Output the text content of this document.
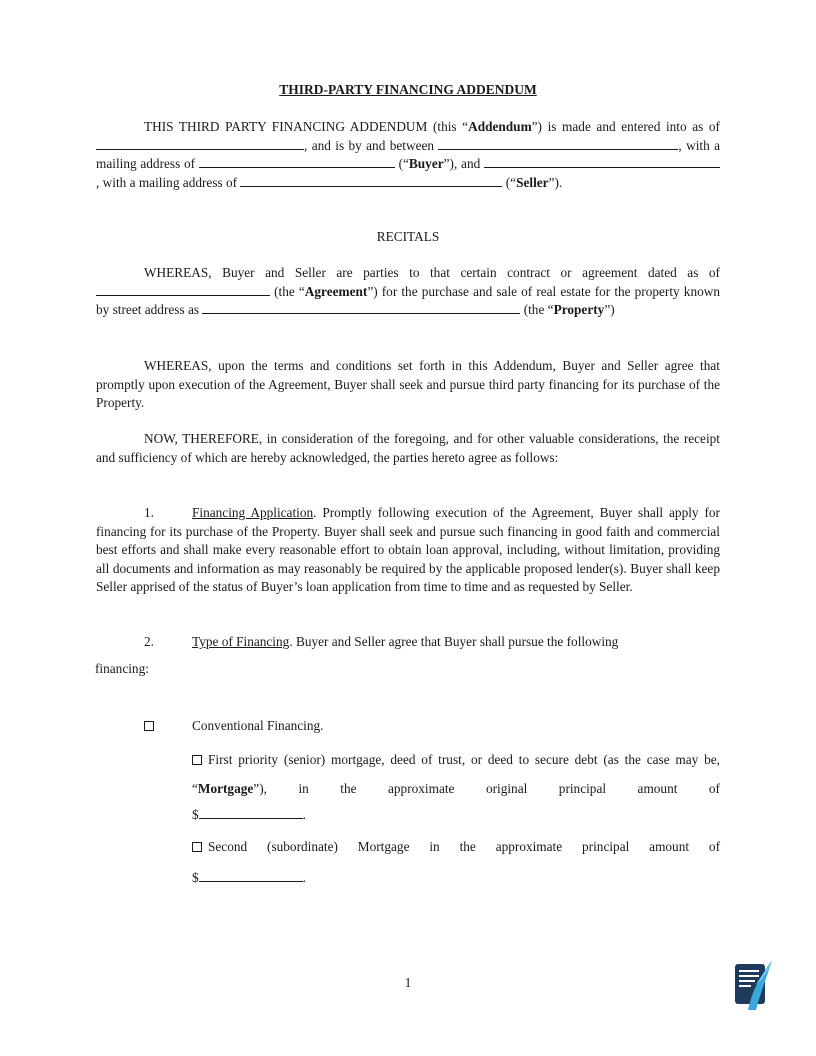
THIRD-PARTY FINANCING ADDENDUM
THIS THIRD PARTY FINANCING ADDENDUM (this “Addendum”) is made and entered into as of , and is by and between	, with a mailing address of	(“Buyer”), and , with a mailing address of	(“Seller”).
RECITALS
WHEREAS, Buyer and Seller are parties to that certain contract or agreement dated as of  (the “Agreement”) for the purchase and sale of real estate for the property known by street address as	(the “Property”)
WHEREAS, upon the terms and conditions set forth in this Addendum, Buyer and Seller agree that promptly upon execution of the Agreement, Buyer shall seek and pursue third party financing for its purchase of the Property.
NOW, THEREFORE, in consideration of the foregoing, and for other valuable considerations, the receipt and sufficiency of which are hereby acknowledged, the parties hereto agree as follows:
1.	Financing Application. Promptly following execution of the Agreement, Buyer shall apply for financing for its purchase of the Property. Buyer shall seek and pursue such financing in good faith and commercial best efforts and shall make every reasonable effort to obtain loan approval, including, without limitation, providing all documents and information as may reasonably be required by the applicable proposed lender(s). Buyer shall keep Seller apprised of the status of Buyer’s loan application from time to time and as requested by Seller.
2.	Type of Financing. Buyer and Seller agree that Buyer shall pursue the following
financing:
Conventional Financing.
First priority (senior) mortgage, deed of trust, or deed to secure debt (as the case may be, “Mortgage”), in the approximate original principal amount of
$	.
Second (subordinate) Mortgage in the approximate principal amount of
$	.
1
